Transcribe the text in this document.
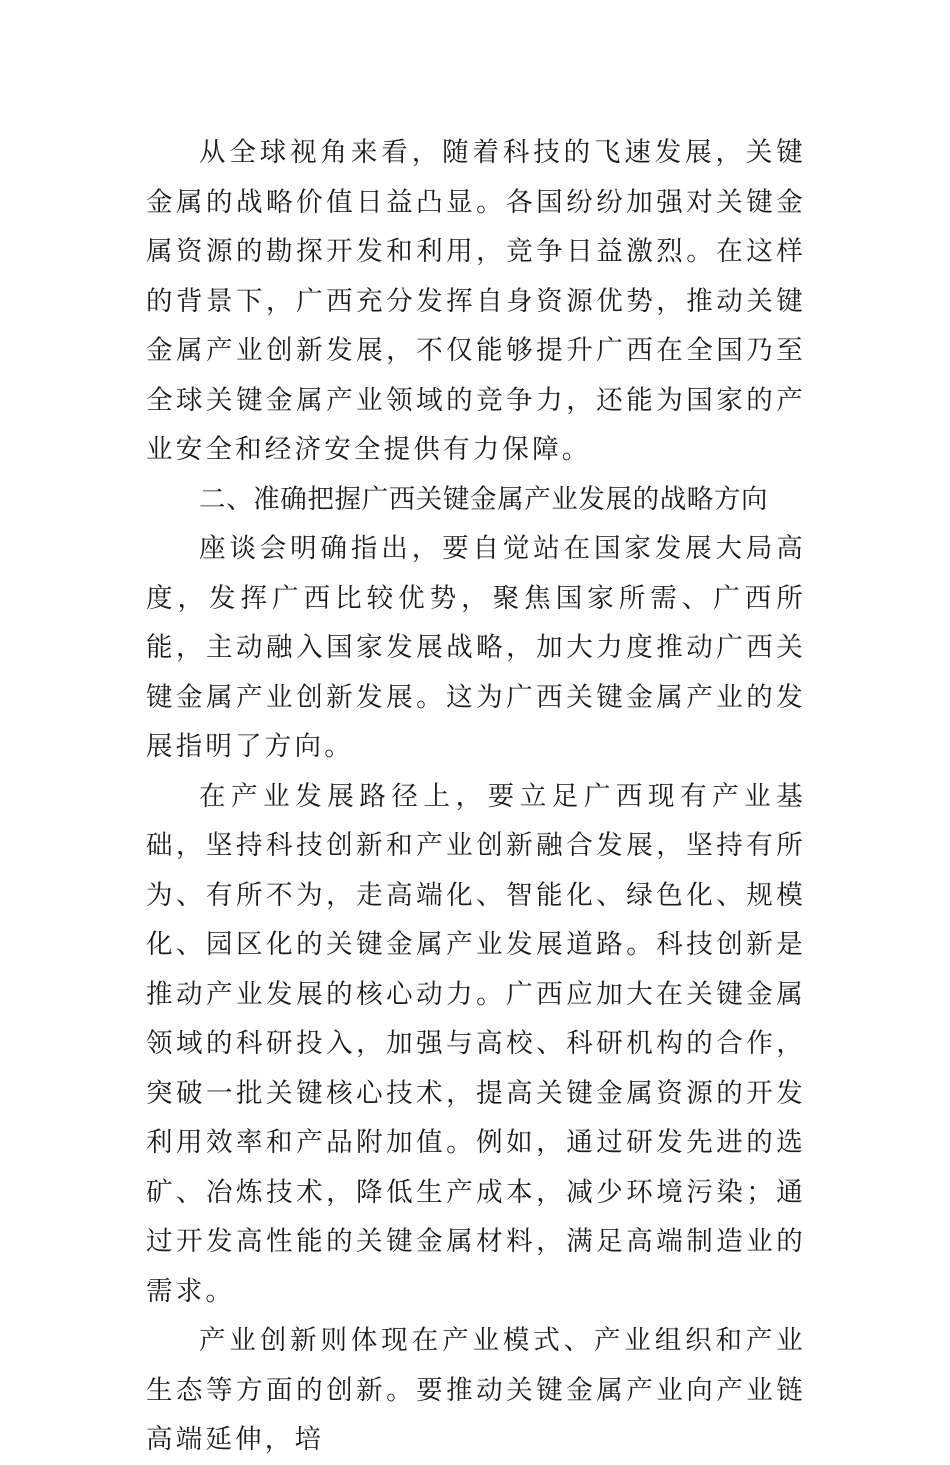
从全球视角来看，随着科技的飞速发展，关键金属的战略价值日益凸显。各国纷纷加强对关键金属资源的勘探开发和利用，竞争日益激烈。在这样的背景下，广西充分发挥自身资源优势，推动关键金属产业创新发展，不仅能够提升广西在全国乃至全球关键金属产业领域的竞争力，还能为国家的产业安全和经济安全提供有力保障。

二、准确把握广西关键金属产业发展的战略方向

座谈会明确指出，要自觉站在国家发展大局高度，发挥广西比较优势，聚焦国家所需、广西所能，主动融入国家发展战略，加大力度推动广西关键金属产业创新发展。这为广西关键金属产业的发展指明了方向。

在产业发展路径上，要立足广西现有产业基础，坚持科技创新和产业创新融合发展，坚持有所为、有所不为，走高端化、智能化、绿色化、规模化、园区化的关键金属产业发展道路。科技创新是推动产业发展的核心动力。广西应加大在关键金属领域的科研投入，加强与高校、科研机构的合作，突破一批关键核心技术，提高关键金属资源的开发利用效率和产品附加值。例如，通过研发先进的选矿、冶炼技术，降低生产成本，减少环境污染；通过开发高性能的关键金属材料，满足高端制造业的需求。

产业创新则体现在产业模式、产业组织和产业生态等方面的创新。要推动关键金属产业向产业链高端延伸，培
